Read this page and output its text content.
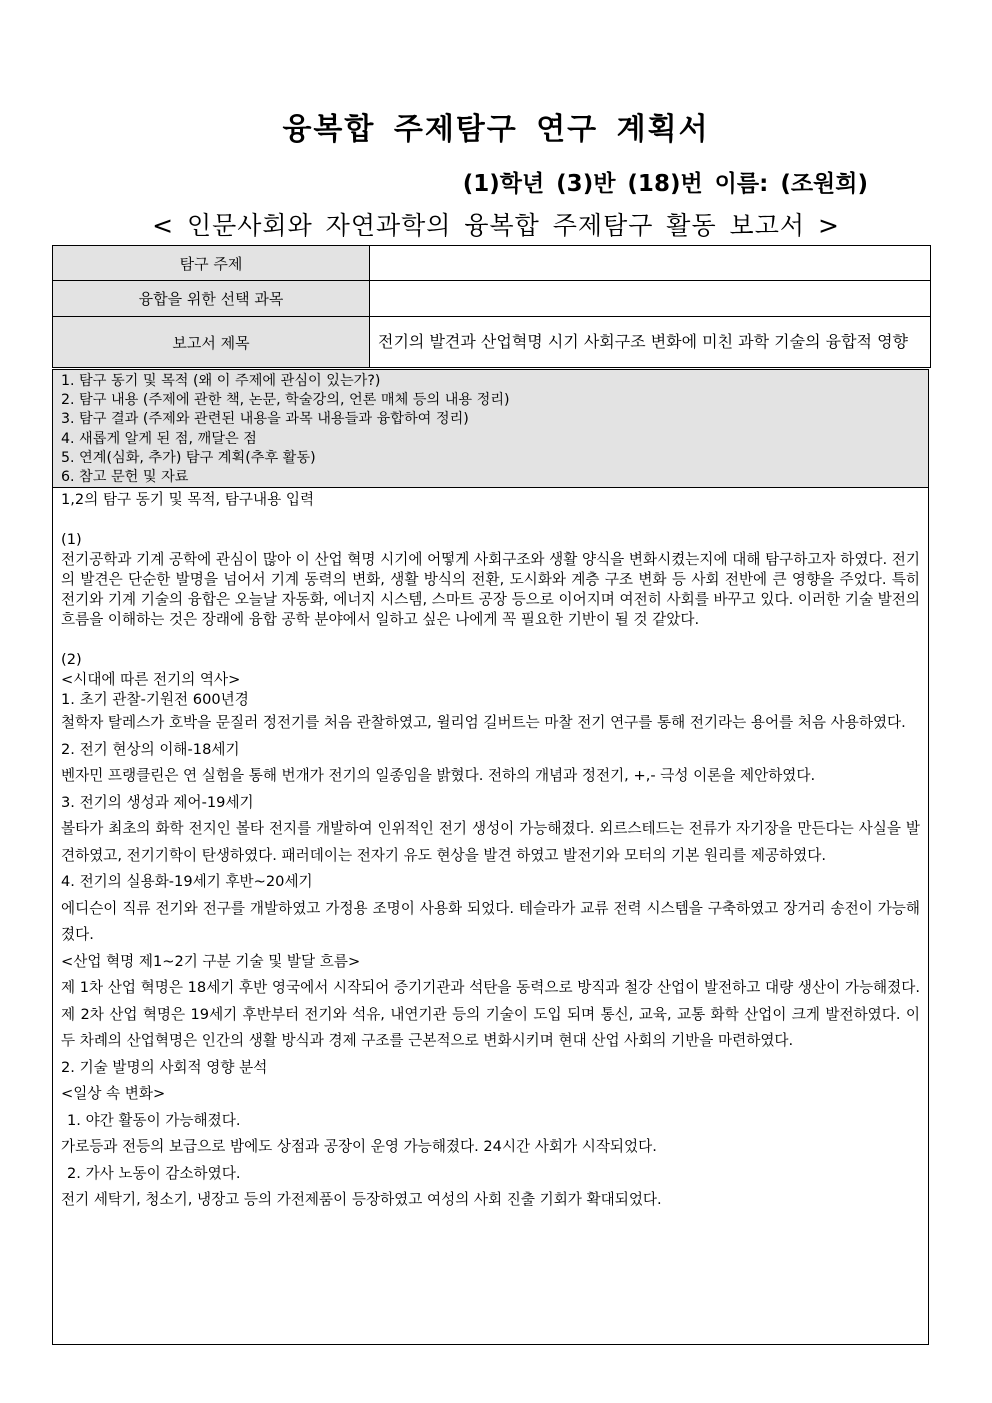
융복합 주제탐구 연구 계획서
(1)학년 (3)반 (18)번 이름: (조원희)
< 인문사회와 자연과학의 융복합 주제탐구 활동 보고서 >
탐구 주제	
융합을 위한 선택 과목	
보고서 제목	전기의 발견과 산업혁명 시기 사회구조 변화에 미친 과학 기술의 융합적 영향
1. 탐구 동기 및 목적 (왜 이 주제에 관심이 있는가?)
2. 탐구 내용 (주제에 관한 책, 논문, 학술강의, 언론 매체 등의 내용 정리)
3. 탐구 결과 (주제와 관련된 내용을 과목 내용들과 융합하여 정리)
4. 새롭게 알게 된 점, 깨달은 점
5. 연계(심화, 추가) 탐구 계획(추후 활동)
6. 참고 문헌 및 자료

1,2의 탐구 동기 및 목적, 탐구내용 입력

(1)

전기공학과 기계 공학에 관심이 많아 이 산업 혁명 시기에 어떻게 사회구조와 생활 양식을 변화시켰는지에 대해 탐구하고자 하였다. 전기의 발견은 단순한 발명을 넘어서 기계 동력의 변화, 생활 방식의 전환, 도시화와 계층 구조 변화 등 사회 전반에 큰 영향을 주었다. 특히 전기와 기계 기술의 융합은 오늘날 자동화, 에너지 시스템, 스마트 공장 등으로 이어지며 여전히 사회를 바꾸고 있다. 이러한 기술 발전의 흐름을 이해하는 것은 장래에 융합 공학 분야에서 일하고 싶은 나에게 꼭 필요한 기반이 될 것 같았다.

(2)

<시대에 따른 전기의 역사>

1. 초기 관찰-기원전 600년경

철학자 탈레스가 호박을 문질러 정전기를 처음 관찰하였고, 윌리엄 길버트는 마찰 전기 연구를 통해 전기라는 용어를 처음 사용하였다.

2. 전기 현상의 이해-18세기

벤자민 프랭클린은 연 실험을 통해 번개가 전기의 일종임을 밝혔다. 전하의 개념과 정전기, +,- 극성 이론을 제안하였다.

3. 전기의 생성과 제어-19세기

볼타가 최초의 화학 전지인 볼타 전지를 개발하여 인위적인 전기 생성이 가능해졌다. 외르스테드는 전류가 자기장을 만든다는 사실을 발견하였고, 전기기학이 탄생하였다. 패러데이는 전자기 유도 현상을 발견 하였고 발전기와 모터의 기본 원리를 제공하였다.

4. 전기의 실용화-19세기 후반~20세기

에디슨이 직류 전기와 전구를 개발하였고 가정용 조명이 사용화 되었다. 테슬라가 교류 전력 시스템을 구축하였고 장거리 송전이 가능해졌다.

<산업 혁명 제1~2기 구분 기술 및 발달 흐름>

제 1차 산업 혁명은 18세기 후반 영국에서 시작되어 증기기관과 석탄을 동력으로 방직과 철강 산업이 발전하고 대량 생산이 가능해졌다. 제 2차 산업 혁명은 19세기 후반부터 전기와 석유, 내연기관 등의 기술이 도입 되며 통신, 교육, 교통 화학 산업이 크게 발전하였다. 이 두 차례의 산업혁명은 인간의 생활 방식과 경제 구조를 근본적으로 변화시키며 현대 산업 사회의 기반을 마련하였다.

2. 기술 발명의 사회적 영향 분석

<일상 속 변화>

1. 야간 활동이 가능해졌다.

가로등과 전등의 보급으로 밤에도 상점과 공장이 운영 가능해졌다. 24시간 사회가 시작되었다.

2. 가사 노동이 감소하였다.

전기 세탁기, 청소기, 냉장고 등의 가전제품이 등장하였고 여성의 사회 진출 기회가 확대되었다.
